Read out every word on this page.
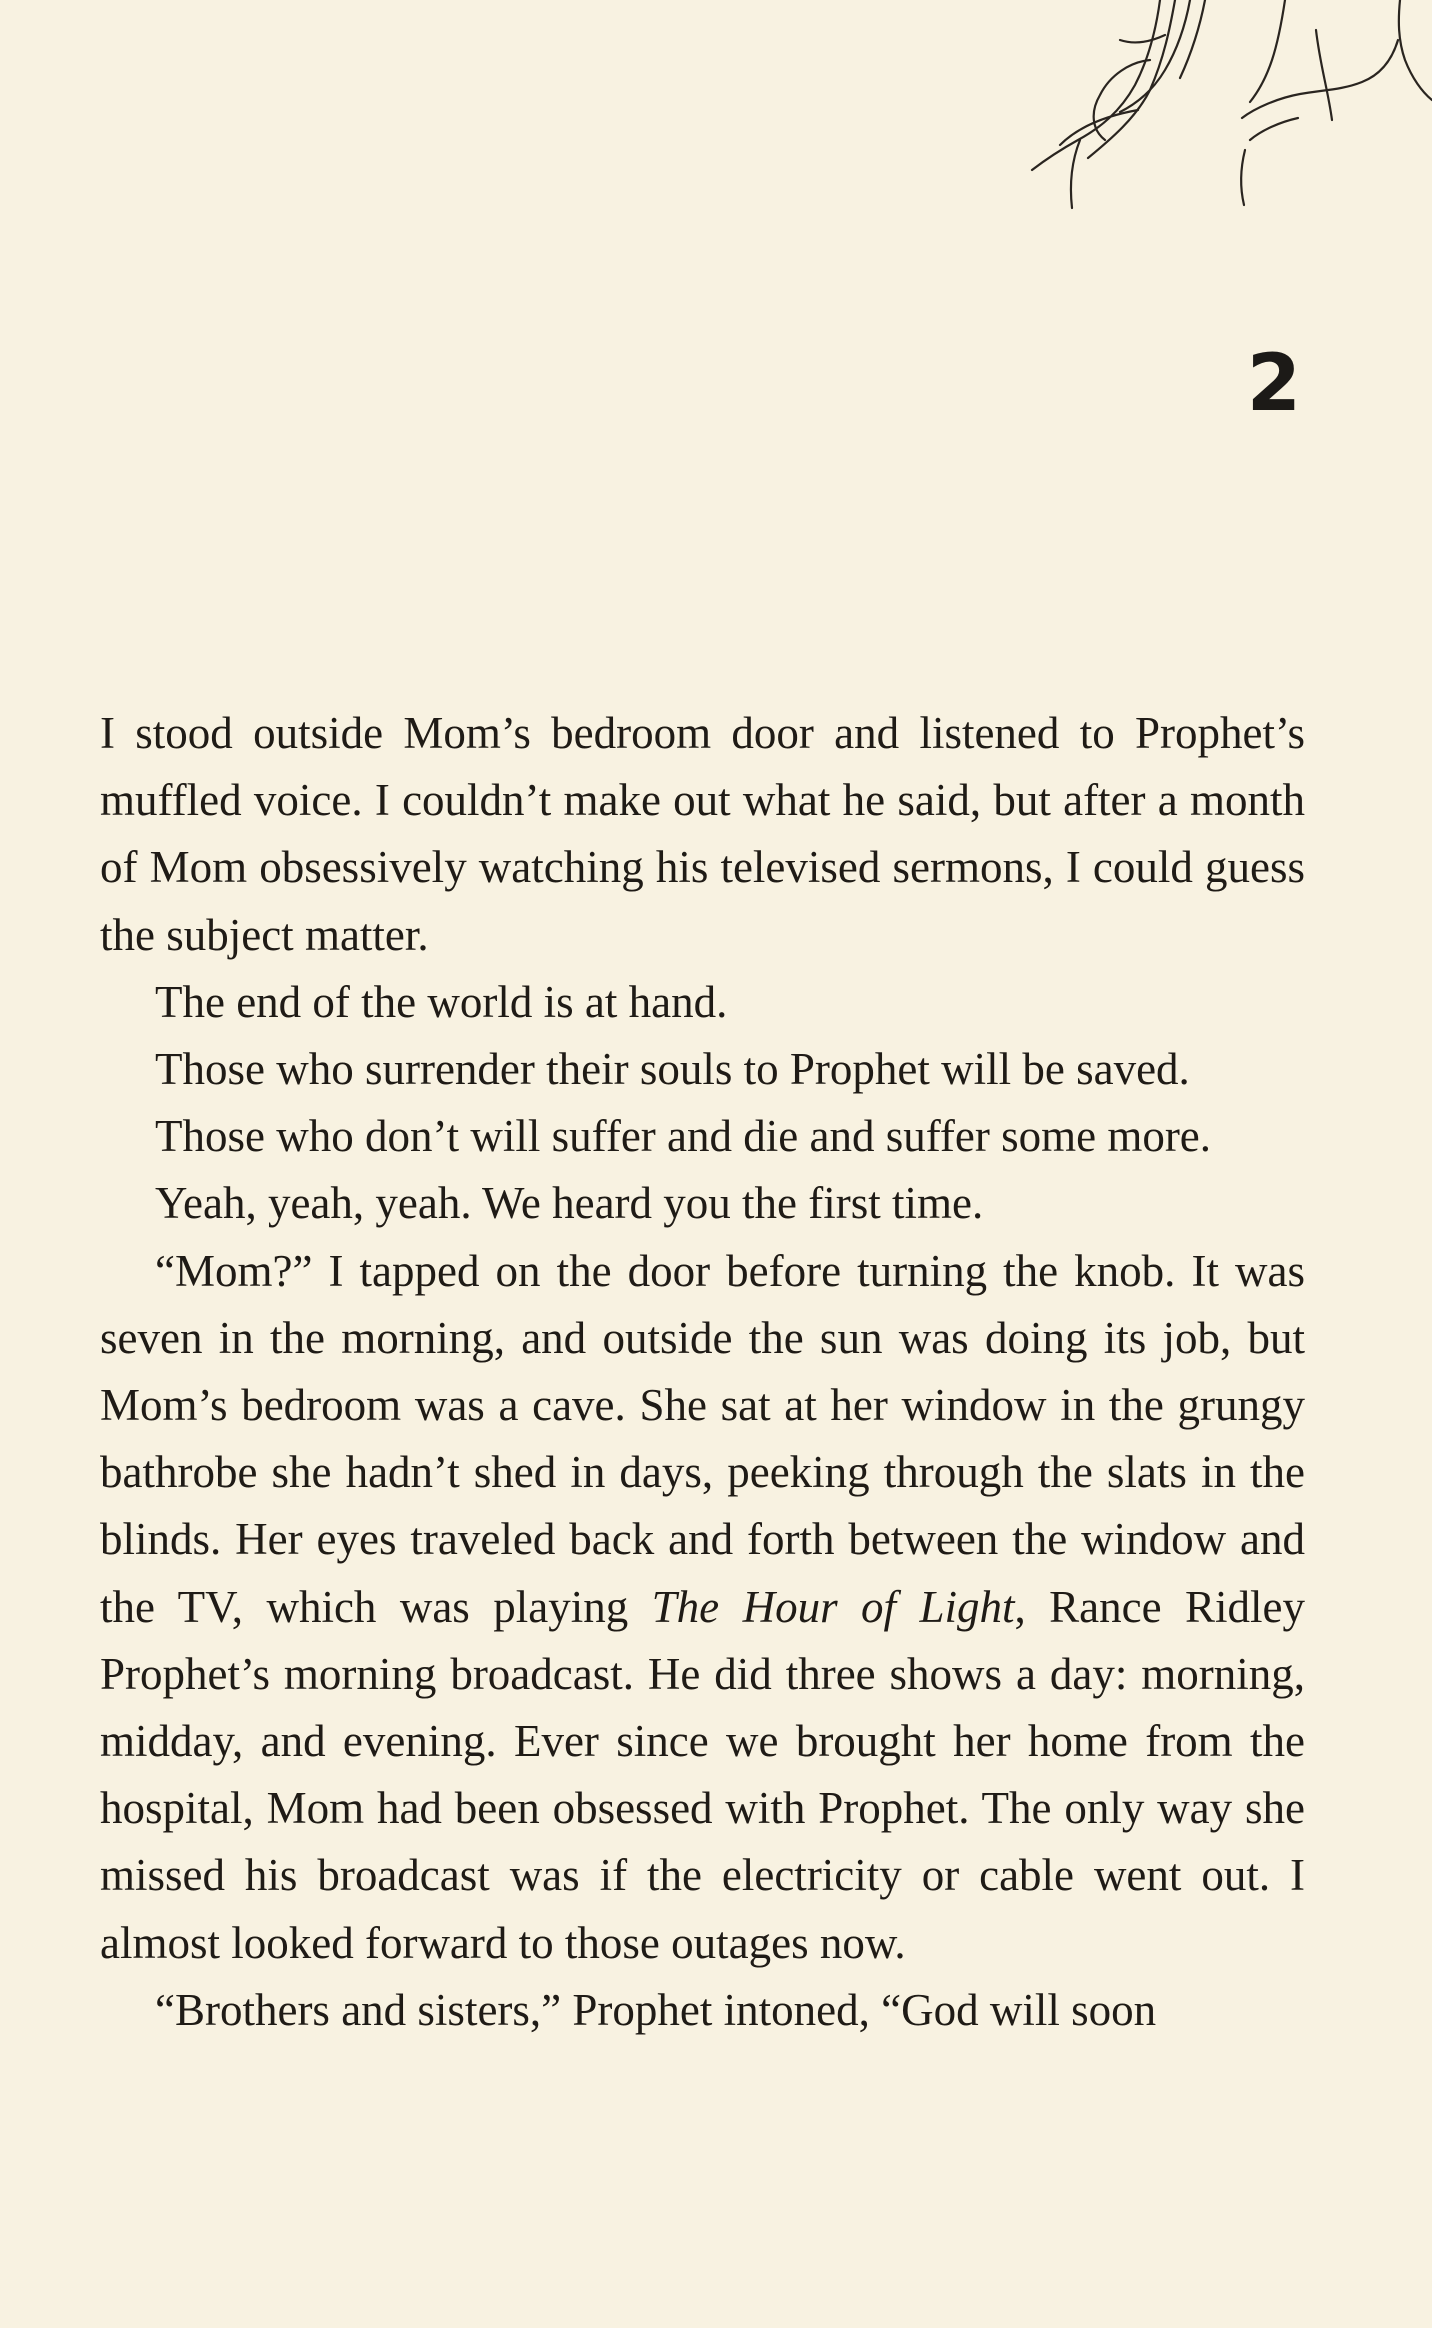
2

I stood outside Mom’s bedroom door and listened to Prophet’s muffled voice. I couldn’t make out what he said, but after a month of Mom obsessively watching his televised sermons, I could guess the subject matter.

The end of the world is at hand.

Those who surrender their souls to Prophet will be saved.

Those who don’t will suffer and die and suffer some more.

Yeah, yeah, yeah. We heard you the first time.

“Mom?” I tapped on the door before turning the knob. It was seven in the morning, and outside the sun was doing its job, but Mom’s bedroom was a cave. She sat at her window in the grungy bathrobe she hadn’t shed in days, peeking through the slats in the blinds. Her eyes traveled back and forth between the window and the TV, which was playing The Hour of Light, Rance Ridley Prophet’s morning broadcast. He did three shows a day: morning, midday, and evening. Ever since we brought her home from the hospital, Mom had been obsessed with Prophet. The only way she missed his broadcast was if the electricity or cable went out. I almost looked forward to those outages now.

“Brothers and sisters,” Prophet intoned, “God will soon
